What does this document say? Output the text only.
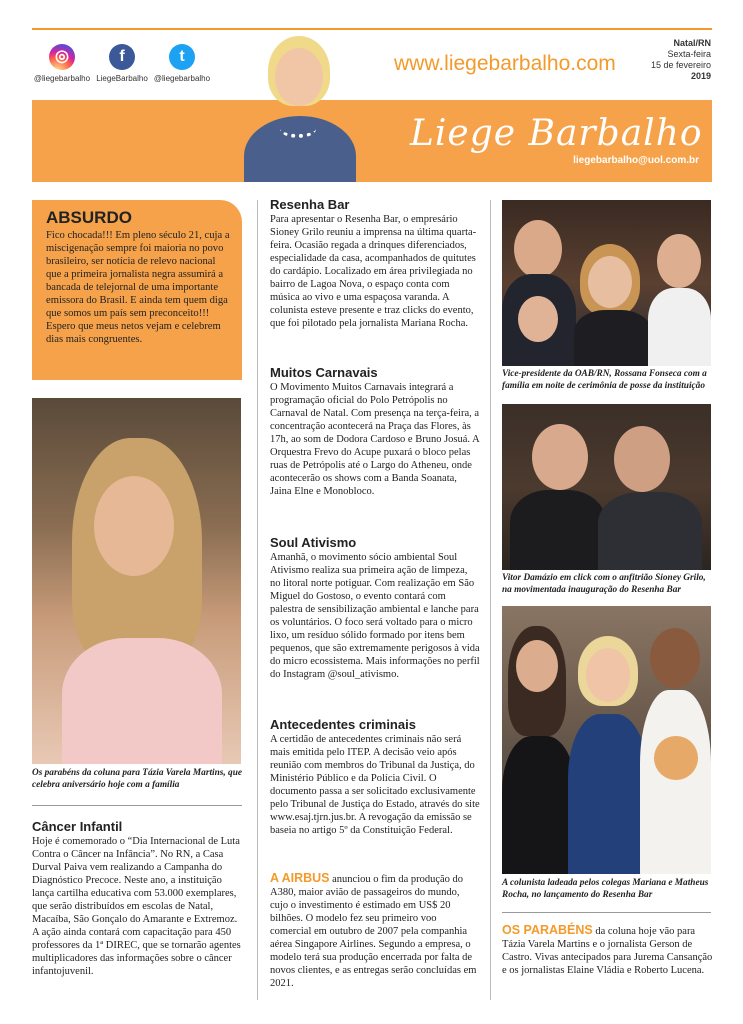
◎
@liegebarbalho
f
LiegeBarbalho
t
@liegebarbalho
www.liegebarbalho.com
Natal/RN
Sexta-feira
15 de fevereiro
2019
Liege Barbalho
liegebarbalho@uol.com.br
ABSURDO

Fico chocada!!! Em pleno século 21, cuja a miscigenação sempre foi maioria no povo brasileiro, ser notícia de relevo nacional que a primeira jornalista negra assumirá a bancada de telejornal de uma importante emissora do Brasil. E ainda tem quem diga que somos um país sem preconceito!!! Espero que meus netos vejam e celebrem dias mais congruentes.

Os parabéns da coluna para Tázia Varela Martins, que celebra aniversário hoje com a família
Câncer Infantil

Hoje é comemorado o “Dia Internacional de Luta Contra o Câncer na Infância”. No RN, a Casa Durval Paiva vem realizando a Campanha do Diagnóstico Precoce. Neste ano, a instituição lança cartilha educativa com 53.000 exemplares, que serão distribuídos em escolas de Natal, Macaíba, São Gonçalo do Amarante e Extremoz. A ação ainda contará com capacitação para 450 professores da 1ª DIREC, que se tornarão agentes multiplicadores das informações sobre o câncer infantojuvenil.

Resenha Bar

Para apresentar o Resenha Bar, o empresário Sioney Grilo reuniu a imprensa na última quarta-feira. Ocasião regada a drinques diferenciados, especialidade da casa, acompanhados de quitutes do cardápio. Localizado em área privilegiada no bairro de Lagoa Nova, o espaço conta com música ao vivo e uma espaçosa varanda. A colunista esteve presente e traz clicks do evento, que foi pilotado pela jornalista Mariana Rocha.

Muitos Carnavais

O Movimento Muitos Carnavais integrará a programação oficial do Polo Petrópolis no Carnaval de Natal. Com presença na terça-feira, a concentração acontecerá na Praça das Flores, às 17h, ao som de Dodora Cardoso e Bruno Josuá. A Orquestra Frevo do Acupe puxará o bloco pelas ruas de Petrópolis até o Largo do Atheneu, onde acontecerão os shows com a Banda Soanata, Jaina Elne e Monobloco.

Soul Ativismo

Amanhã, o movimento sócio ambiental Soul Ativismo realiza sua primeira ação de limpeza, no litoral norte potiguar. Com realização em São Miguel do Gostoso, o evento contará com palestra de sensibilização ambiental e lanche para os voluntários. O foco será voltado para o micro lixo, um resíduo sólido formado por itens bem pequenos, que são extremamente perigosos à vida do micro ecossistema. Mais informações no perfil do Instagram @soul_ativismo.

Antecedentes criminais

A certidão de antecedentes criminais não será mais emitida pelo ITEP. A decisão veio após reunião com membros do Tribunal da Justiça, do Ministério Público e da Polícia Civil. O documento passa a ser solicitado exclusivamente pelo Tribunal de Justiça do Estado, através do site www.esaj.tjrn.jus.br. A revogação da emissão se baseia no artigo 5º da Constituição Federal.

A AIRBUS anunciou o fim da produção do A380, maior avião de passageiros do mundo, cujo o investimento é estimado em US$ 20 bilhões. O modelo fez seu primeiro voo comercial em outubro de 2007 pela companhia aérea Singapore Airlines. Segundo a empresa, o modelo terá sua produção encerrada por falta de novos clientes, e as entregas serão concluídas em 2021.

Vice-presidente da OAB/RN, Rossana Fonseca com a família em noite de cerimônia de posse da instituição
Vitor Damázio em click com o anfitrião Sioney Grilo, na movimentada inauguração do Resenha Bar
A colunista ladeada pelos colegas Mariana e Matheus Rocha, no lançamento do Resenha Bar

OS PARABÉNS da coluna hoje vão para Tázia Varela Martins e o jornalista Gerson de Castro. Vivas antecipados para Jurema Cansanção e os jornalistas Elaine Vládia e Roberto Lucena.
